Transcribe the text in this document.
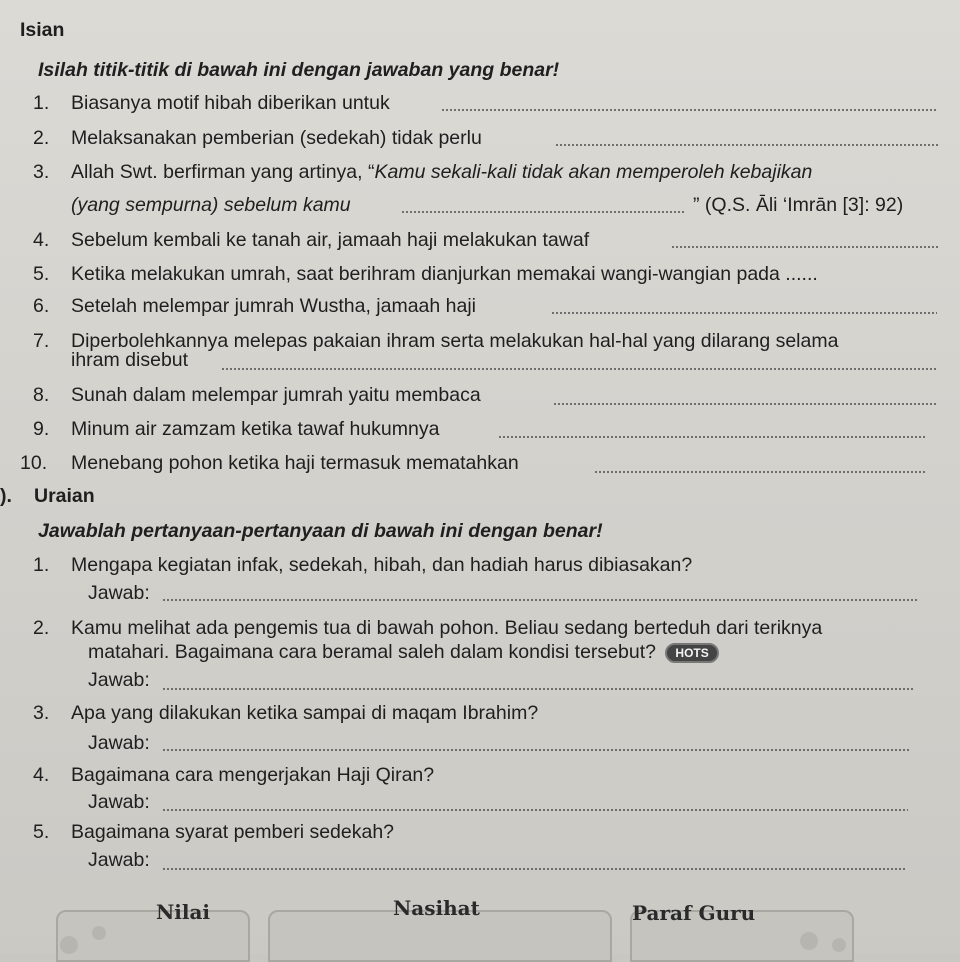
Isian
Isilah titik-titik di bawah ini dengan jawaban yang benar!
1. Biasanya motif hibah diberikan untuk
2. Melaksanakan pemberian (sedekah) tidak perlu
3. Allah Swt. berfirman yang artinya, “Kamu sekali-kali tidak akan memperoleh kebajikan
(yang sempurna) sebelum kamu	” (Q.S. Āli ‘Imrān [3]: 92)
4. Sebelum kembali ke tanah air, jamaah haji melakukan tawaf
5. Ketika melakukan umrah, saat berihram dianjurkan memakai wangi-wangian pada ......
6. Setelah melempar jumrah Wustha, jamaah haji
7. Diperbolehkannya melepas pakaian ihram serta melakukan hal-hal yang dilarang selama
ihram disebut
8. Sunah dalam melempar jumrah yaitu membaca
9. Minum air zamzam ketika tawaf hukumnya
10. Menebang pohon ketika haji termasuk mematahkan
). Uraian
Jawablah pertanyaan-pertanyaan di bawah ini dengan benar!
1. Mengapa kegiatan infak, sedekah, hibah, dan hadiah harus dibiasakan?
Jawab:
2. Kamu melihat ada pengemis tua di bawah pohon. Beliau sedang berteduh dari teriknya
matahari. Bagaimana cara beramal saleh dalam kondisi tersebut? HOTS
Jawab:
3. Apa yang dilakukan ketika sampai di maqam Ibrahim?
Jawab:
4. Bagaimana cara mengerjakan Haji Qiran?
Jawab:
5. Bagaimana syarat pemberi sedekah?
Jawab:
Nilai	Nasihat	Paraf Guru
